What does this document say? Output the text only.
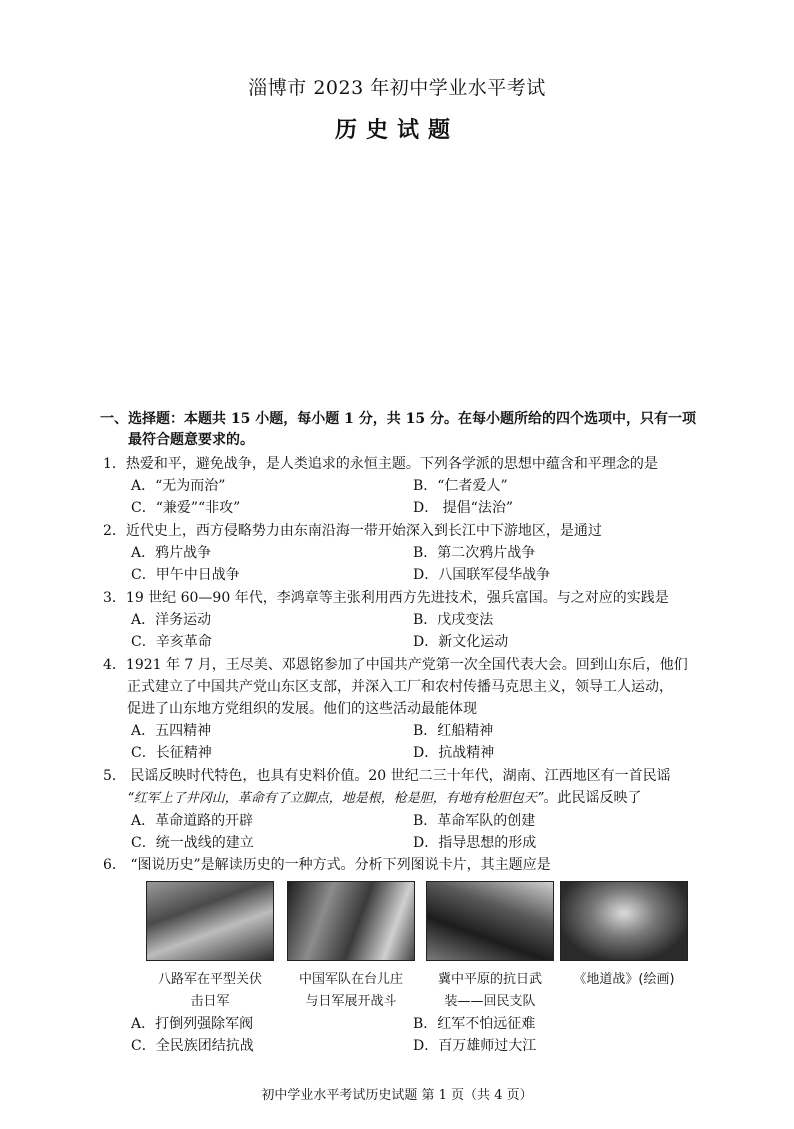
淄博市 2023 年初中学业水平考试
历史试题
一、选择题：本题共 15 小题，每小题 1 分，共 15 分。在每小题所给的四个选项中，只有一项
最符合题意要求的。
1．热爱和平，避免战争，是人类追求的永恒主题。下列各学派的思想中蕴含和平理念的是
A．“无为而治”	B．“仁者爱人”
C．“兼爱”“非攻”	D． 提倡“法治”
2．近代史上，西方侵略势力由东南沿海一带开始深入到长江中下游地区，是通过
A．鸦片战争	B．第二次鸦片战争
C．甲午中日战争	D．八国联军侵华战争
3．19 世纪 60—90 年代，李鸿章等主张利用西方先进技术，强兵富国。与之对应的实践是
A．洋务运动	B．戊戌变法
C．辛亥革命	D．新文化运动
4．1921 年 7 月，王尽美、邓恩铭参加了中国共产党第一次全国代表大会。回到山东后，他们
正式建立了中国共产党山东区支部，并深入工厂和农村传播马克思主义，领导工人运动，
促进了山东地方党组织的发展。他们的这些活动最能体现
A．五四精神	B．红船精神
C．长征精神	D．抗战精神
5． 民谣反映时代特色，也具有史料价值。20 世纪二三十年代，湖南、江西地区有一首民谣
“红军上了井冈山，革命有了立脚点，地是根，枪是胆，有地有枪胆包天”。此民谣反映了
A．革命道路的开辟	B．革命军队的创建
C．统一战线的建立	D．指导思想的形成
6． “图说历史”是解读历史的一种方式。分析下列图说卡片，其主题应是
八路军在平型关伏
击日军
中国军队在台儿庄
与日军展开战斗
冀中平原的抗日武
装——回民支队
《地道战》(绘画)
A．打倒列强除军阀	B．红军不怕远征难
C．全民族团结抗战	D．百万雄师过大江
初中学业水平考试历史试题 第 1 页（共 4 页）
